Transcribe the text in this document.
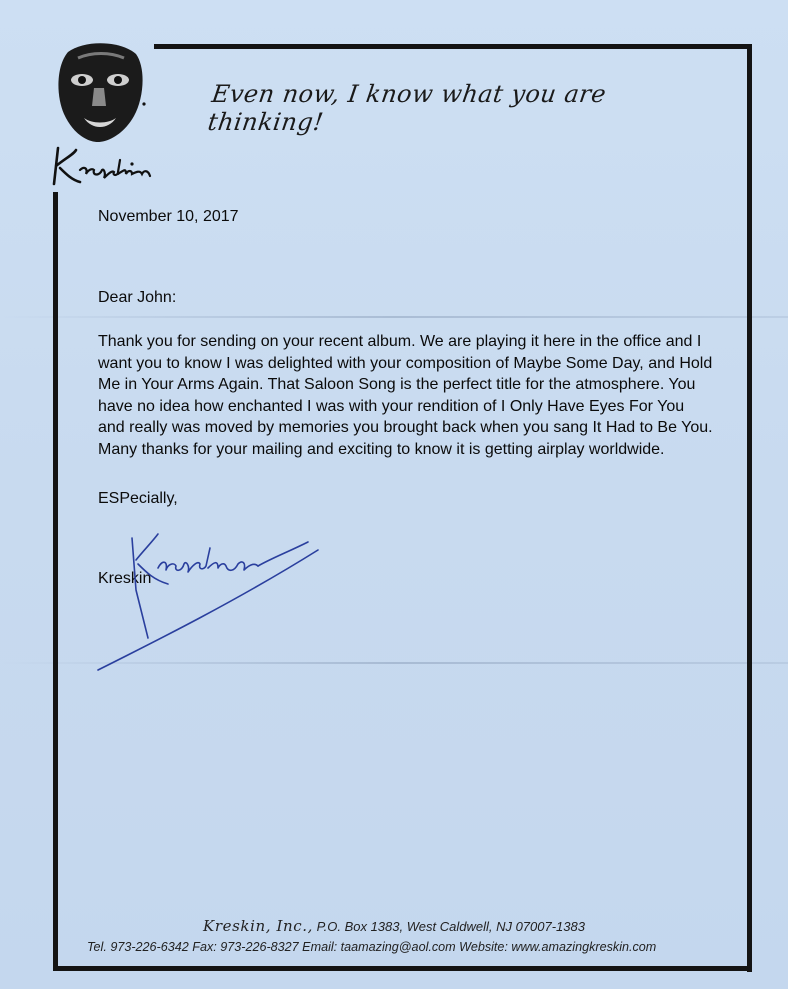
Even now, I know what you are thinking!
November 10, 2017
Dear John:

Thank you for sending on your recent album. We are playing it here in the office and I want you to know I was delighted with your composition of Maybe Some Day, and Hold Me in Your Arms Again. That Saloon Song is the perfect title for the atmosphere. You have no idea how enchanted I was with your rendition of I Only Have Eyes For You and really was moved by memories you brought back when you sang It Had to Be You. Many thanks for your mailing and exciting to know it is getting airplay worldwide.

ESPecially,
Kreskin
Kreskin, Inc., P.O. Box 1383, West Caldwell, NJ 07007-1383
Tel. 973-226-6342 Fax: 973-226-8327 Email: taamazing@aol.com Website: www.amazingkreskin.com
